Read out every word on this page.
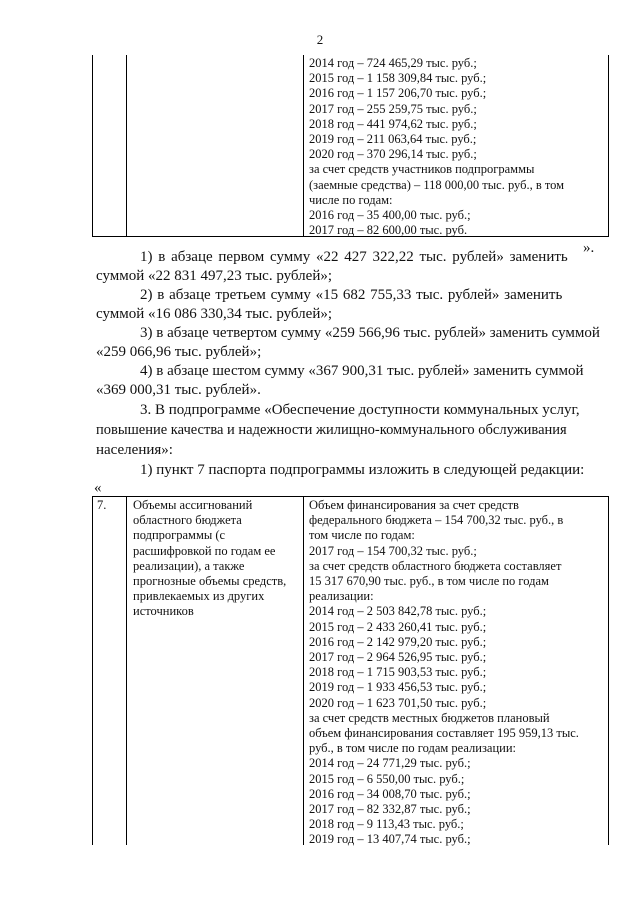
2
2014 год – 724 465,29 тыс. руб.;
2015 год – 1 158 309,84 тыс. руб.;
2016 год – 1 157 206,70 тыс. руб.;
2017 год – 255 259,75 тыс. руб.;
2018 год – 441 974,62 тыс. руб.;
2019 год – 211 063,64 тыс. руб.;
2020 год – 370 296,14 тыс. руб.;
за счет средств участников подпрограммы
(заемные средства) – 118 000,00 тыс. руб., в том
числе по годам:
2016 год – 35 400,00 тыс. руб.;
2017 год – 82 600,00 тыс. руб.
».
1) в абзаце первом сумму «22 427 322,22 тыс. рублей» заменить
суммой «22 831 497,23 тыс. рублей»;
2) в абзаце третьем сумму «15 682 755,33 тыс. рублей» заменить
суммой «16 086 330,34 тыс. рублей»;
3) в абзаце четвертом сумму «259 566,96 тыс. рублей» заменить суммой
«259 066,96 тыс. рублей»;
4) в абзаце шестом сумму «367 900,31 тыс. рублей» заменить суммой
«369 000,31 тыс. рублей».
3. В подпрограмме «Обеспечение доступности коммунальных услуг,
повышение качества и надежности жилищно-коммунального обслуживания
населения»:
1) пункт 7 паспорта подпрограммы изложить в следующей редакции:
«
7. Объемы ассигнований
областного бюджета
подпрограммы (с
расшифровкой по годам ее
реализации), а также
прогнозные объемы средств,
привлекаемых из других
источников
Объем финансирования за счет средств
федерального бюджета – 154 700,32 тыс. руб., в
том числе по годам:
2017 год – 154 700,32 тыс. руб.;
за счет средств областного бюджета составляет
15 317 670,90 тыс. руб., в том числе по годам
реализации:
2014 год – 2 503 842,78 тыс. руб.;
2015 год – 2 433 260,41 тыс. руб.;
2016 год – 2 142 979,20 тыс. руб.;
2017 год – 2 964 526,95 тыс. руб.;
2018 год – 1 715 903,53 тыс. руб.;
2019 год – 1 933 456,53 тыс. руб.;
2020 год – 1 623 701,50 тыс. руб.;
за счет средств местных бюджетов плановый
объем финансирования составляет 195 959,13 тыс.
руб., в том числе по годам реализации:
2014 год – 24 771,29 тыс. руб.;
2015 год – 6 550,00 тыс. руб.;
2016 год – 34 008,70 тыс. руб.;
2017 год – 82 332,87 тыс. руб.;
2018 год – 9 113,43 тыс. руб.;
2019 год – 13 407,74 тыс. руб.;
